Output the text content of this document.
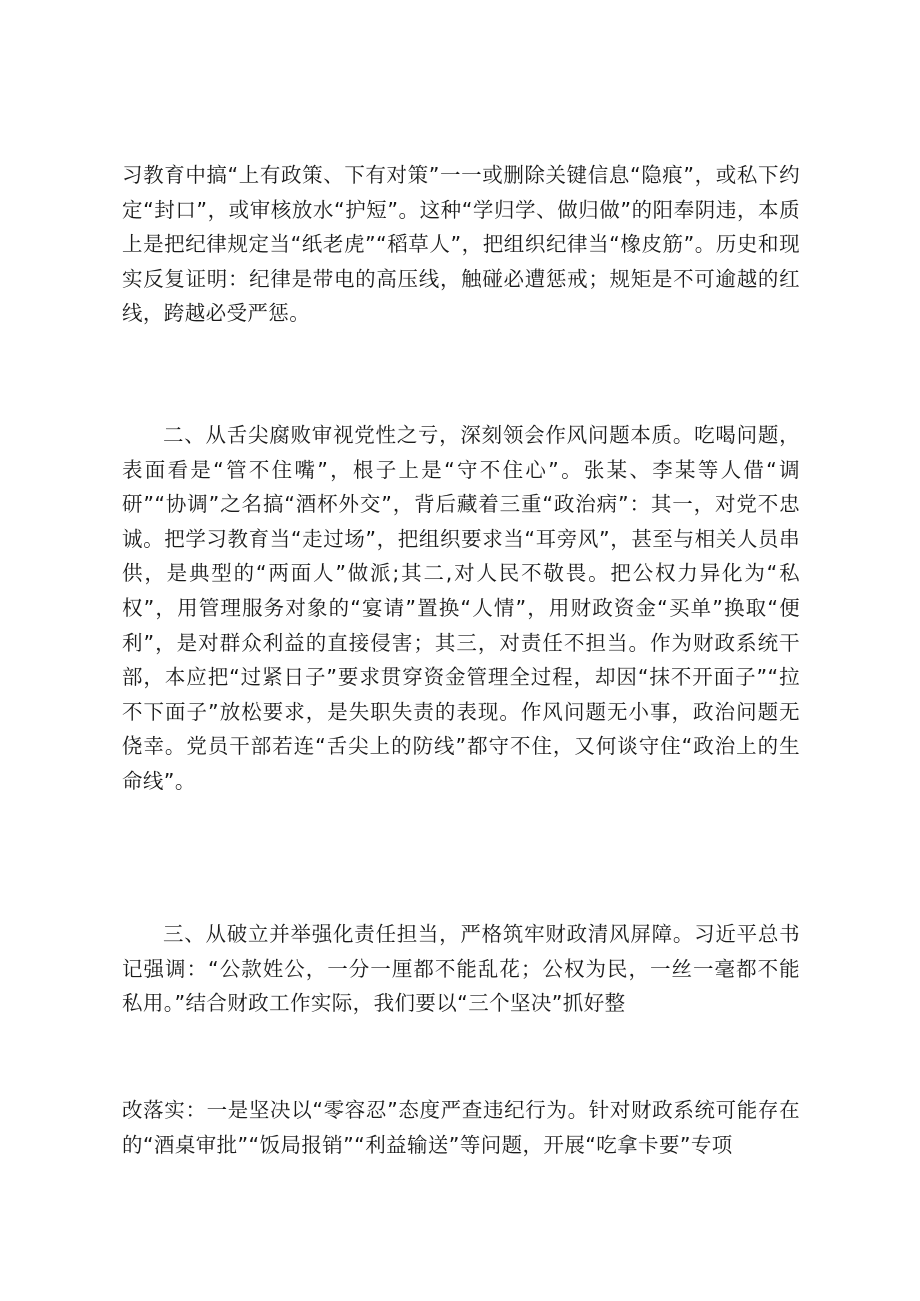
习教育中搞“上有政策、下有对策”一一或删除关键信息“隐痕”，或私下约定“封口”，或审核放水“护短”。这种“学归学、做归做”的阳奉阴违，本质上是把纪律规定当“纸老虎”“稻草人”，把组织纪律当“橡皮筋”。历史和现实反复证明：纪律是带电的高压线，触碰必遭惩戒；规矩是不可逾越的红线，跨越必受严惩。

二、从舌尖腐败审视党性之亏，深刻领会作风问题本质。吃喝问题，表面看是“管不住嘴”，根子上是“守不住心”。张某、李某等人借“调研”“协调”之名搞“酒杯外交”，背后藏着三重“政治病”：其一，对党不忠诚。把学习教育当“走过场”，把组织要求当“耳旁风”，甚至与相关人员串供，是典型的“两面人”做派;其二,对人民不敬畏。把公权力异化为“私权”，用管理服务对象的“宴请”置换“人情”，用财政资金“买单”换取“便利”，是对群众利益的直接侵害；其三，对责任不担当。作为财政系统干部，本应把“过紧日子”要求贯穿资金管理全过程，却因“抹不开面子”“拉不下面子”放松要求，是失职失责的表现。作风问题无小事，政治问题无侥幸。党员干部若连“舌尖上的防线”都守不住，又何谈守住“政治上的生命线”。

三、从破立并举强化责任担当，严格筑牢财政清风屏障。习近平总书记强调：“公款姓公，一分一厘都不能乱花；公权为民，一丝一毫都不能私用。”结合财政工作实际，我们要以“三个坚决”抓好整

改落实：一是坚决以“零容忍”态度严查违纪行为。针对财政系统可能存在的“酒桌审批”“饭局报销”“利益输送”等问题，开展“吃拿卡要”专项
